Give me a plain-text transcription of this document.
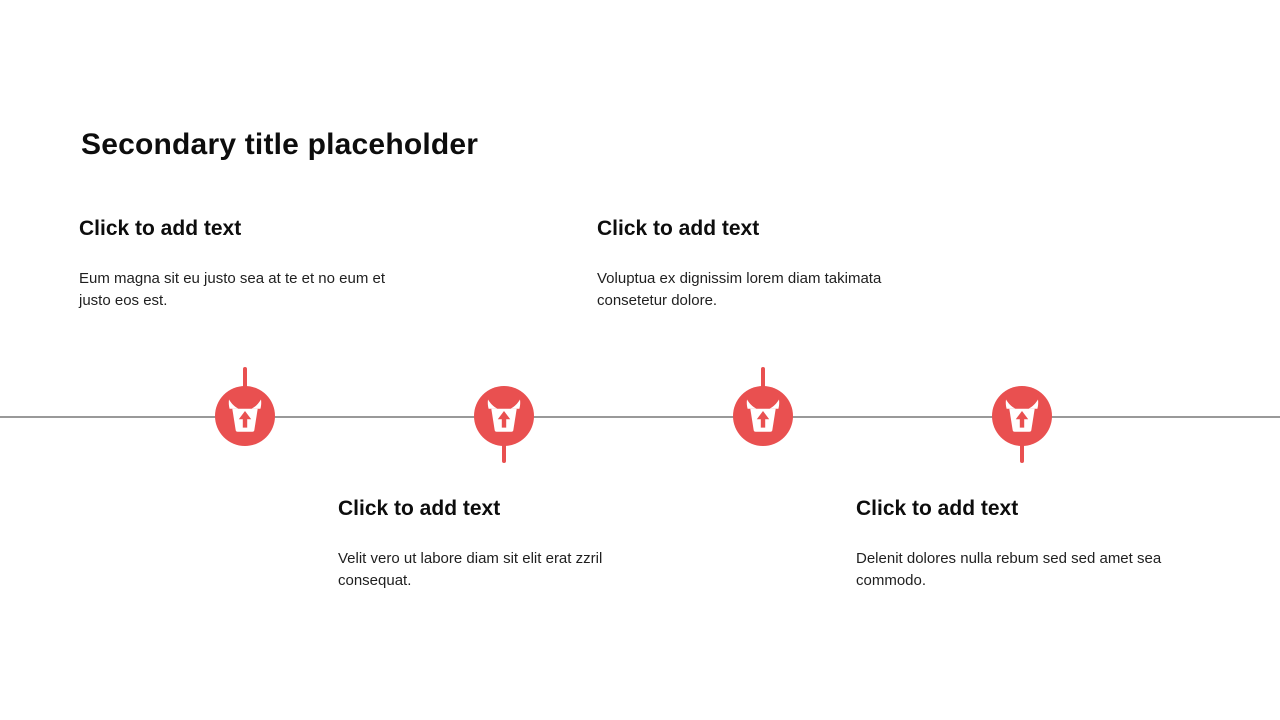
Secondary title placeholder
Click to add text

Eum magna sit eu justo sea at te et no eum et justo eos est.

Click to add text

Velit vero ut labore diam sit elit erat zzril consequat.

Click to add text

Voluptua ex dignissim lorem diam takimata consetetur dolore.

Click to add text

Delenit dolores nulla rebum sed sed amet sea commodo.
